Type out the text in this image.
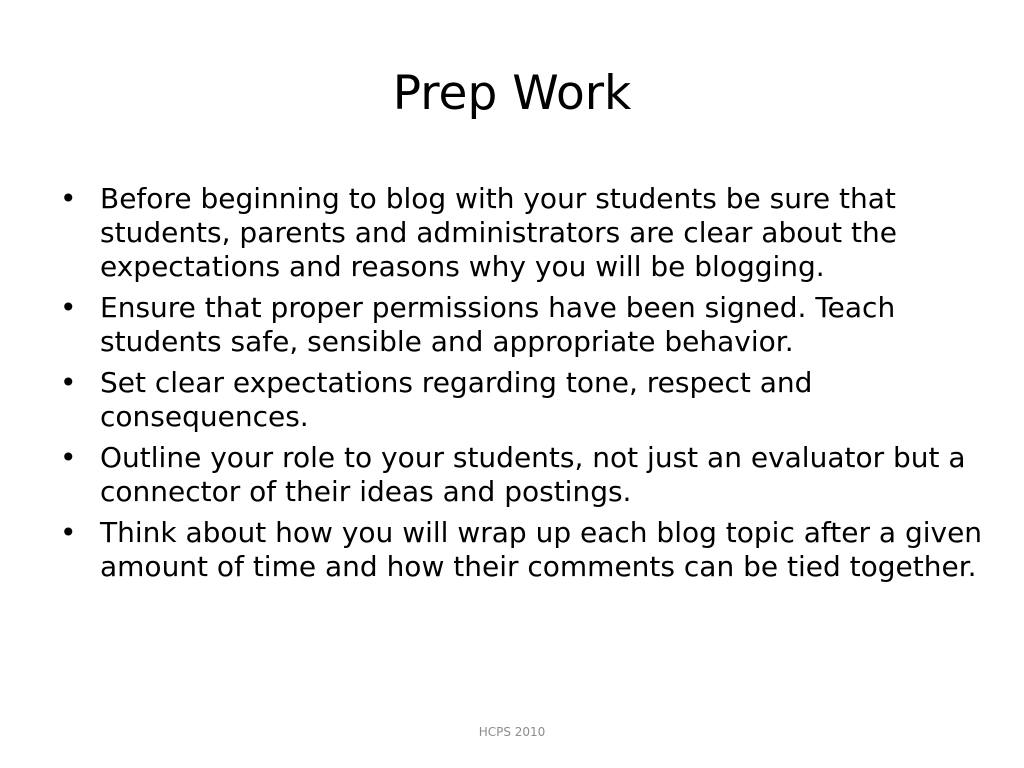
Prep Work
• Before beginning to blog with your students be sure that students, parents and administrators are clear about the expectations and reasons why you will be blogging.
• Ensure that proper permissions have been signed. Teach students safe, sensible and appropriate behavior.
• Set clear expectations regarding tone, respect and consequences.
• Outline your role to your students, not just an evaluator but a connector of their ideas and postings.
• Think about how you will wrap up each blog topic after a given amount of time and how their comments can be tied together.
HCPS 2010
